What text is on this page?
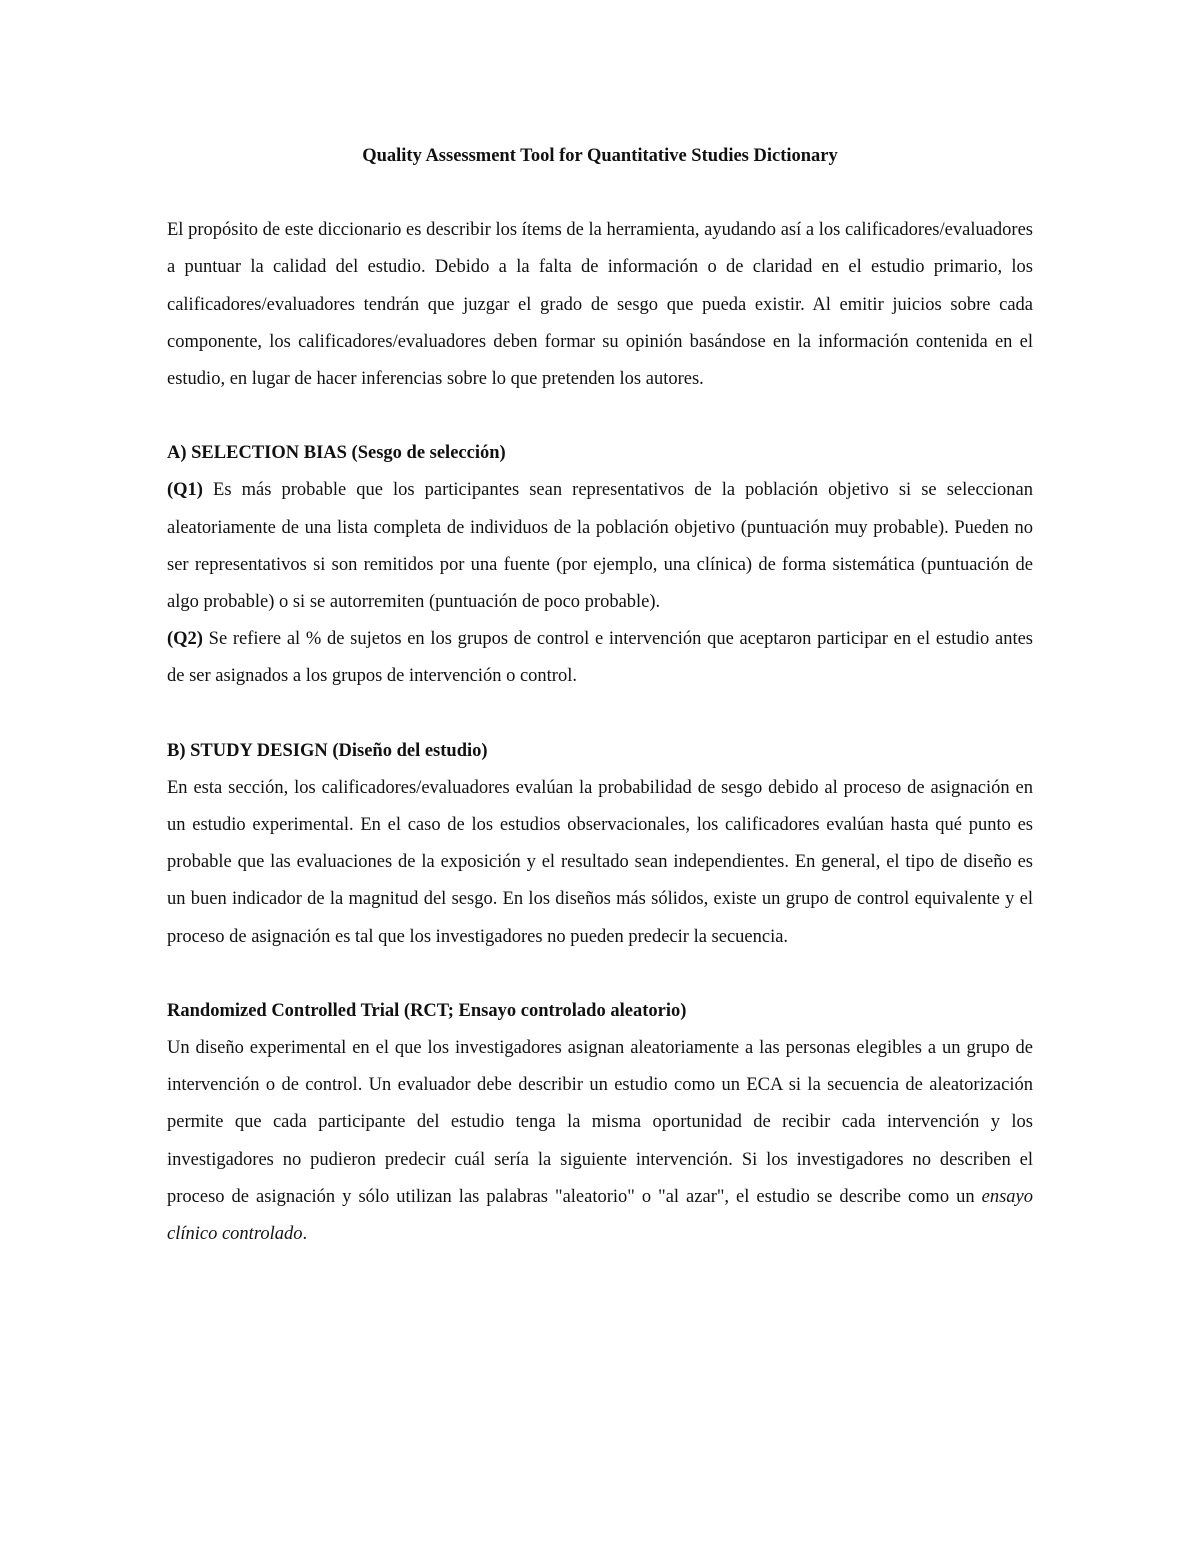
Quality Assessment Tool for Quantitative Studies Dictionary

El propósito de este diccionario es describir los ítems de la herramienta, ayudando así a los calificadores/evaluadores a puntuar la calidad del estudio. Debido a la falta de información o de claridad en el estudio primario, los calificadores/evaluadores tendrán que juzgar el grado de sesgo que pueda existir. Al emitir juicios sobre cada componente, los calificadores/evaluadores deben formar su opinión basándose en la información contenida en el estudio, en lugar de hacer inferencias sobre lo que pretenden los autores.

A) SELECTION BIAS (Sesgo de selección)

(Q1) Es más probable que los participantes sean representativos de la población objetivo si se seleccionan aleatoriamente de una lista completa de individuos de la población objetivo (puntuación muy probable). Pueden no ser representativos si son remitidos por una fuente (por ejemplo, una clínica) de forma sistemática (puntuación de algo probable) o si se autorremiten (puntuación de poco probable).

(Q2) Se refiere al % de sujetos en los grupos de control e intervención que aceptaron participar en el estudio antes de ser asignados a los grupos de intervención o control.

B) STUDY DESIGN (Diseño del estudio)

En esta sección, los calificadores/evaluadores evalúan la probabilidad de sesgo debido al proceso de asignación en un estudio experimental. En el caso de los estudios observacionales, los calificadores evalúan hasta qué punto es probable que las evaluaciones de la exposición y el resultado sean independientes. En general, el tipo de diseño es un buen indicador de la magnitud del sesgo. En los diseños más sólidos, existe un grupo de control equivalente y el proceso de asignación es tal que los investigadores no pueden predecir la secuencia.

Randomized Controlled Trial (RCT; Ensayo controlado aleatorio)

Un diseño experimental en el que los investigadores asignan aleatoriamente a las personas elegibles a un grupo de intervención o de control. Un evaluador debe describir un estudio como un ECA si la secuencia de aleatorización permite que cada participante del estudio tenga la misma oportunidad de recibir cada intervención y los investigadores no pudieron predecir cuál sería la siguiente intervención. Si los investigadores no describen el proceso de asignación y sólo utilizan las palabras "aleatorio" o "al azar", el estudio se describe como un ensayo clínico controlado.
